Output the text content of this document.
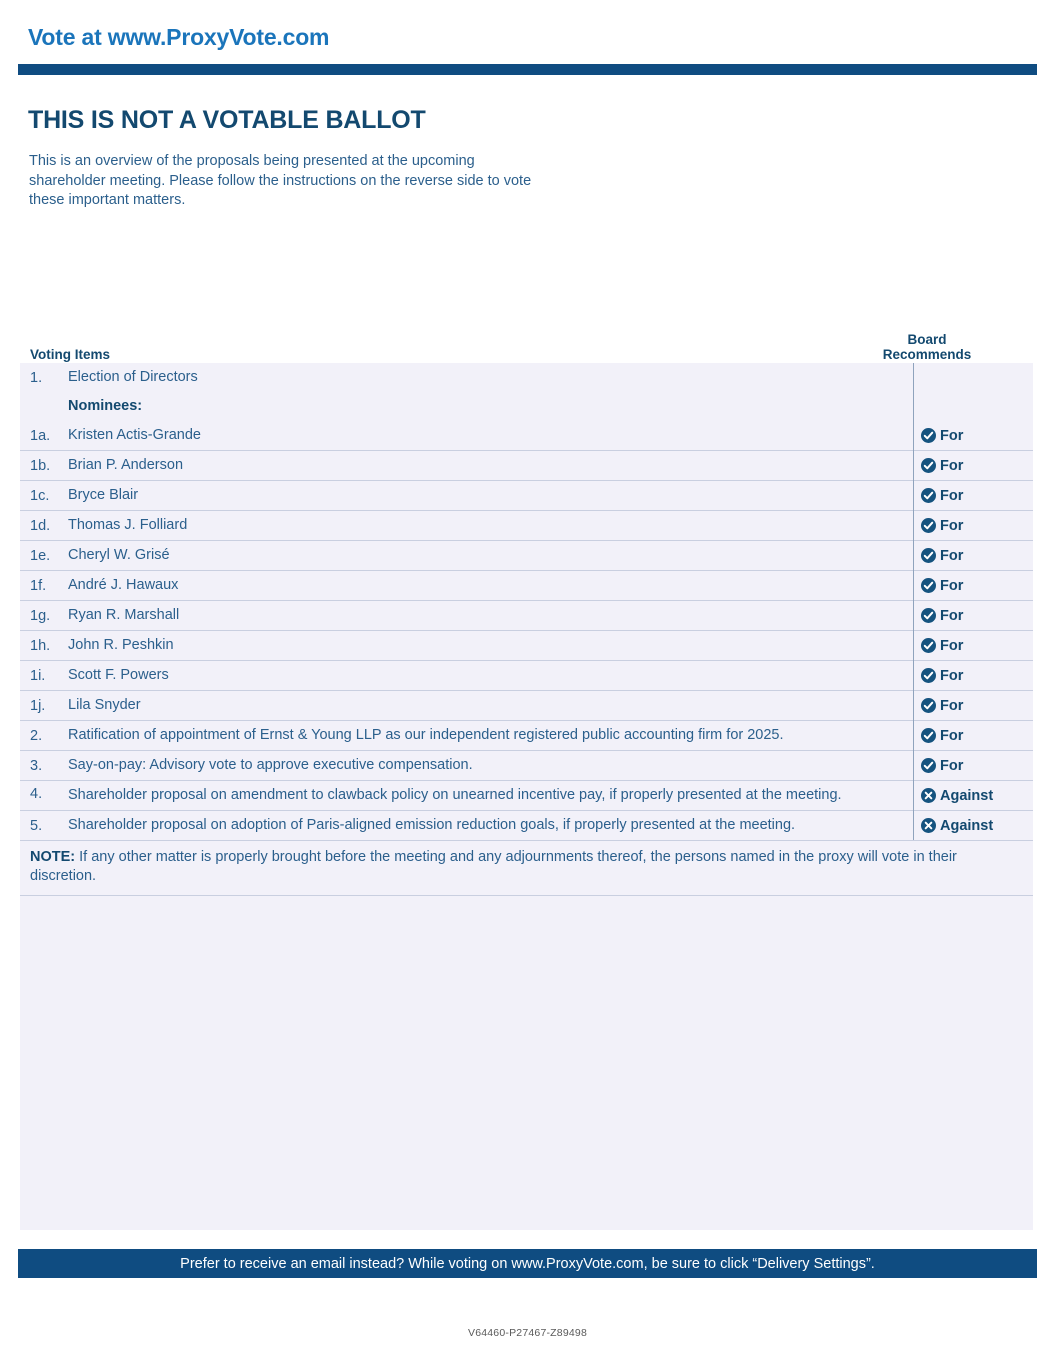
Vote at www.ProxyVote.com
THIS IS NOT A VOTABLE BALLOT
This is an overview of the proposals being presented at the upcoming shareholder meeting. Please follow the instructions on the reverse side to vote these important matters.
Voting Items
Board
Recommends
1.	Election of Directors
Nominees:
1a.	Kristen Actis-Grande	For
1b.	Brian P. Anderson	For
1c.	Bryce Blair	For
1d.	Thomas J. Folliard	For
1e.	Cheryl W. Grisé	For
1f.	André J. Hawaux	For
1g.	Ryan R. Marshall	For
1h.	John R. Peshkin	For
1i.	Scott F. Powers	For
1j.	Lila Snyder	For
2.	Ratification of appointment of Ernst & Young LLP as our independent registered public accounting firm for 2025.	For
3.	Say-on-pay: Advisory vote to approve executive compensation.	For
4.	Shareholder proposal on amendment to clawback policy on unearned incentive pay, if properly presented at the meeting.	Against
5.	Shareholder proposal on adoption of Paris-aligned emission reduction goals, if properly presented at the meeting.	Against
NOTE: If any other matter is properly brought before the meeting and any adjournments thereof, the persons named in the proxy will vote in their discretion.
Prefer to receive an email instead? While voting on www.ProxyVote.com, be sure to click “Delivery Settings”.
V64460-P27467-Z89498
